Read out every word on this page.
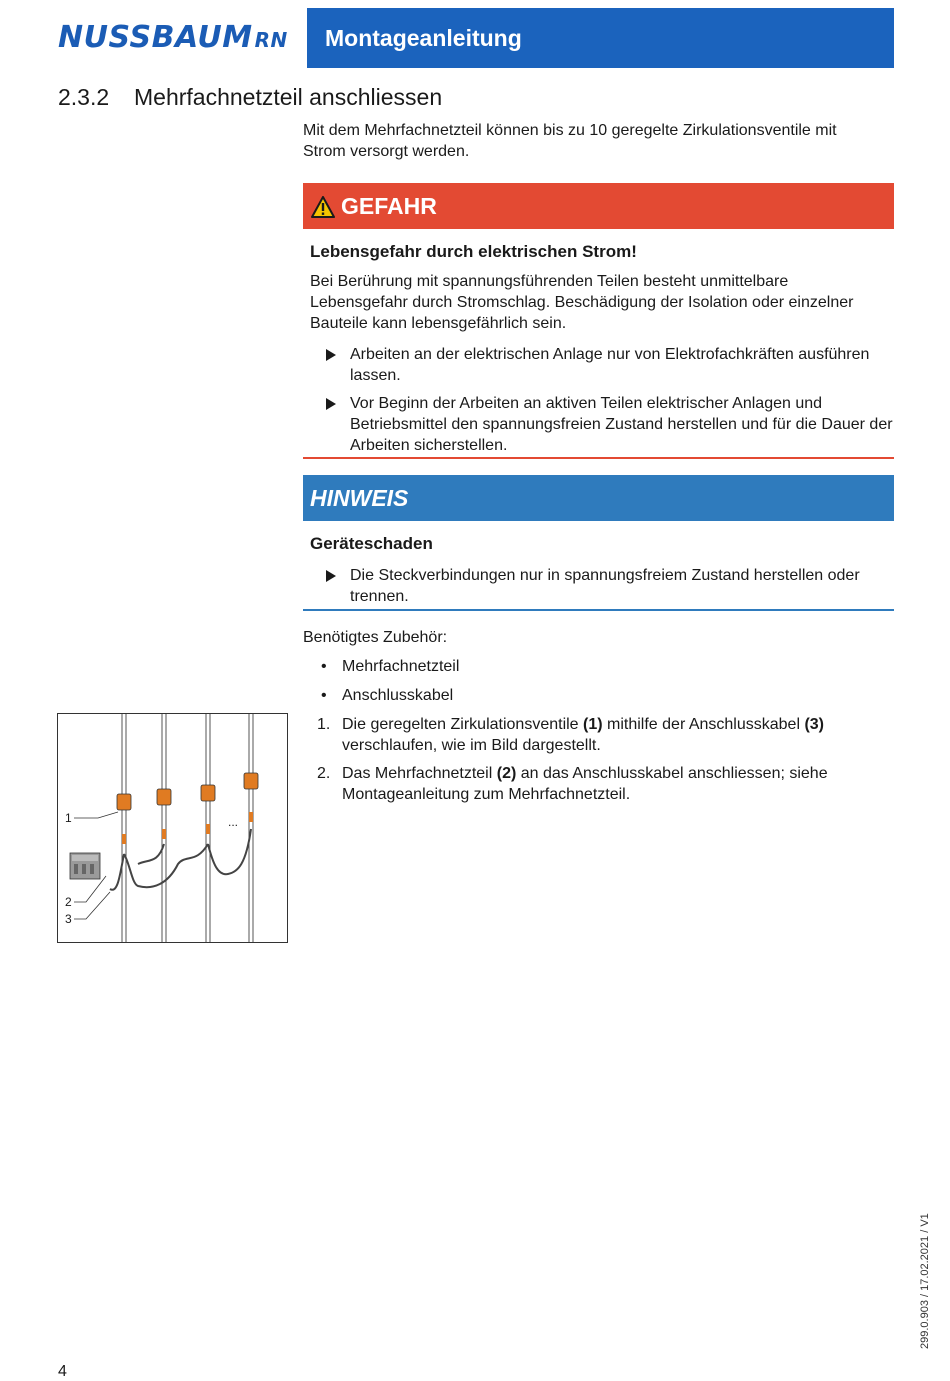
NUSSBAUM RN	Montageanleitung
2.3.2 Mehrfachnetzteil anschliessen
Mit dem Mehrfachnetzteil können bis zu 10 geregelte Zirkulationsventile mit Strom versorgt werden.
GEFAHR
Lebensgefahr durch elektrischen Strom!
Bei Berührung mit spannungsführenden Teilen besteht unmittelbare Lebensgefahr durch Stromschlag. Beschädigung der Isolation oder einzelner Bauteile kann lebensgefährlich sein.
Arbeiten an der elektrischen Anlage nur von Elektrofachkräften ausführen lassen.
Vor Beginn der Arbeiten an aktiven Teilen elektrischer Anlagen und Betriebsmittel den spannungsfreien Zustand herstellen und für die Dauer der Arbeiten sicherstellen.
HINWEIS
Geräteschaden
Die Steckverbindungen nur in spannungsfreiem Zustand herstellen oder trennen.
Benötigtes Zubehör:
• Mehrfachnetzteil
• Anschlusskabel
1. Die geregelten Zirkulationsventile (1) mithilfe der Anschlusskabel (3) verschlaufen, wie im Bild dargestellt.
2. Das Mehrfachnetzteil (2) an das Anschlusskabel anschliessen; siehe Montageanleitung zum Mehrfachnetzteil.
1
2
3
...
4
299.0.903 / 17.02.2021 / V1
